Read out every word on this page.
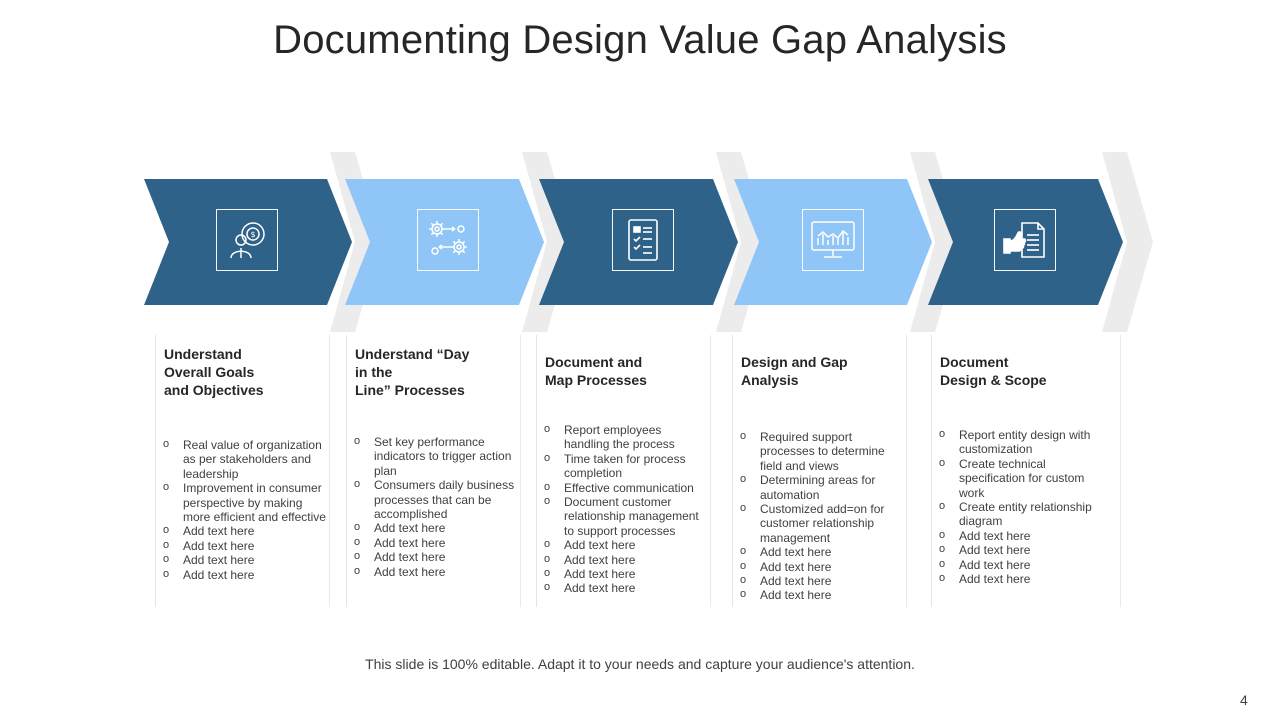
Documenting Design Value Gap Analysis
$
Understand
Overall Goals
and Objectives
o Real value of organization as per stakeholders and leadership
o Improvement in consumer perspective by making more efficient and effective
o Add text here
o Add text here
o Add text here
o Add text here
Understand “Day
in the
Line” Processes
o Set key performance indicators to trigger action plan
o Consumers daily business processes that can be accomplished
o Add text here
o Add text here
o Add text here
o Add text here
Document and
Map Processes
o Report employees handling the process
o Time taken for process completion
o Effective communication
o Document customer relationship management to support processes
o Add text here
o Add text here
o Add text here
o Add text here
Design and Gap
Analysis
o Required support processes to determine field and views
o Determining areas for automation
o Customized add=on for customer relationship management
o Add text here
o Add text here
o Add text here
o Add text here
Document
Design & Scope
o Report entity design with customization
o Create technical specification for custom work
o Create entity relationship diagram
o Add text here
o Add text here
o Add text here
o Add text here
This slide is 100% editable. Adapt it to your needs and capture your audience's attention.
4
